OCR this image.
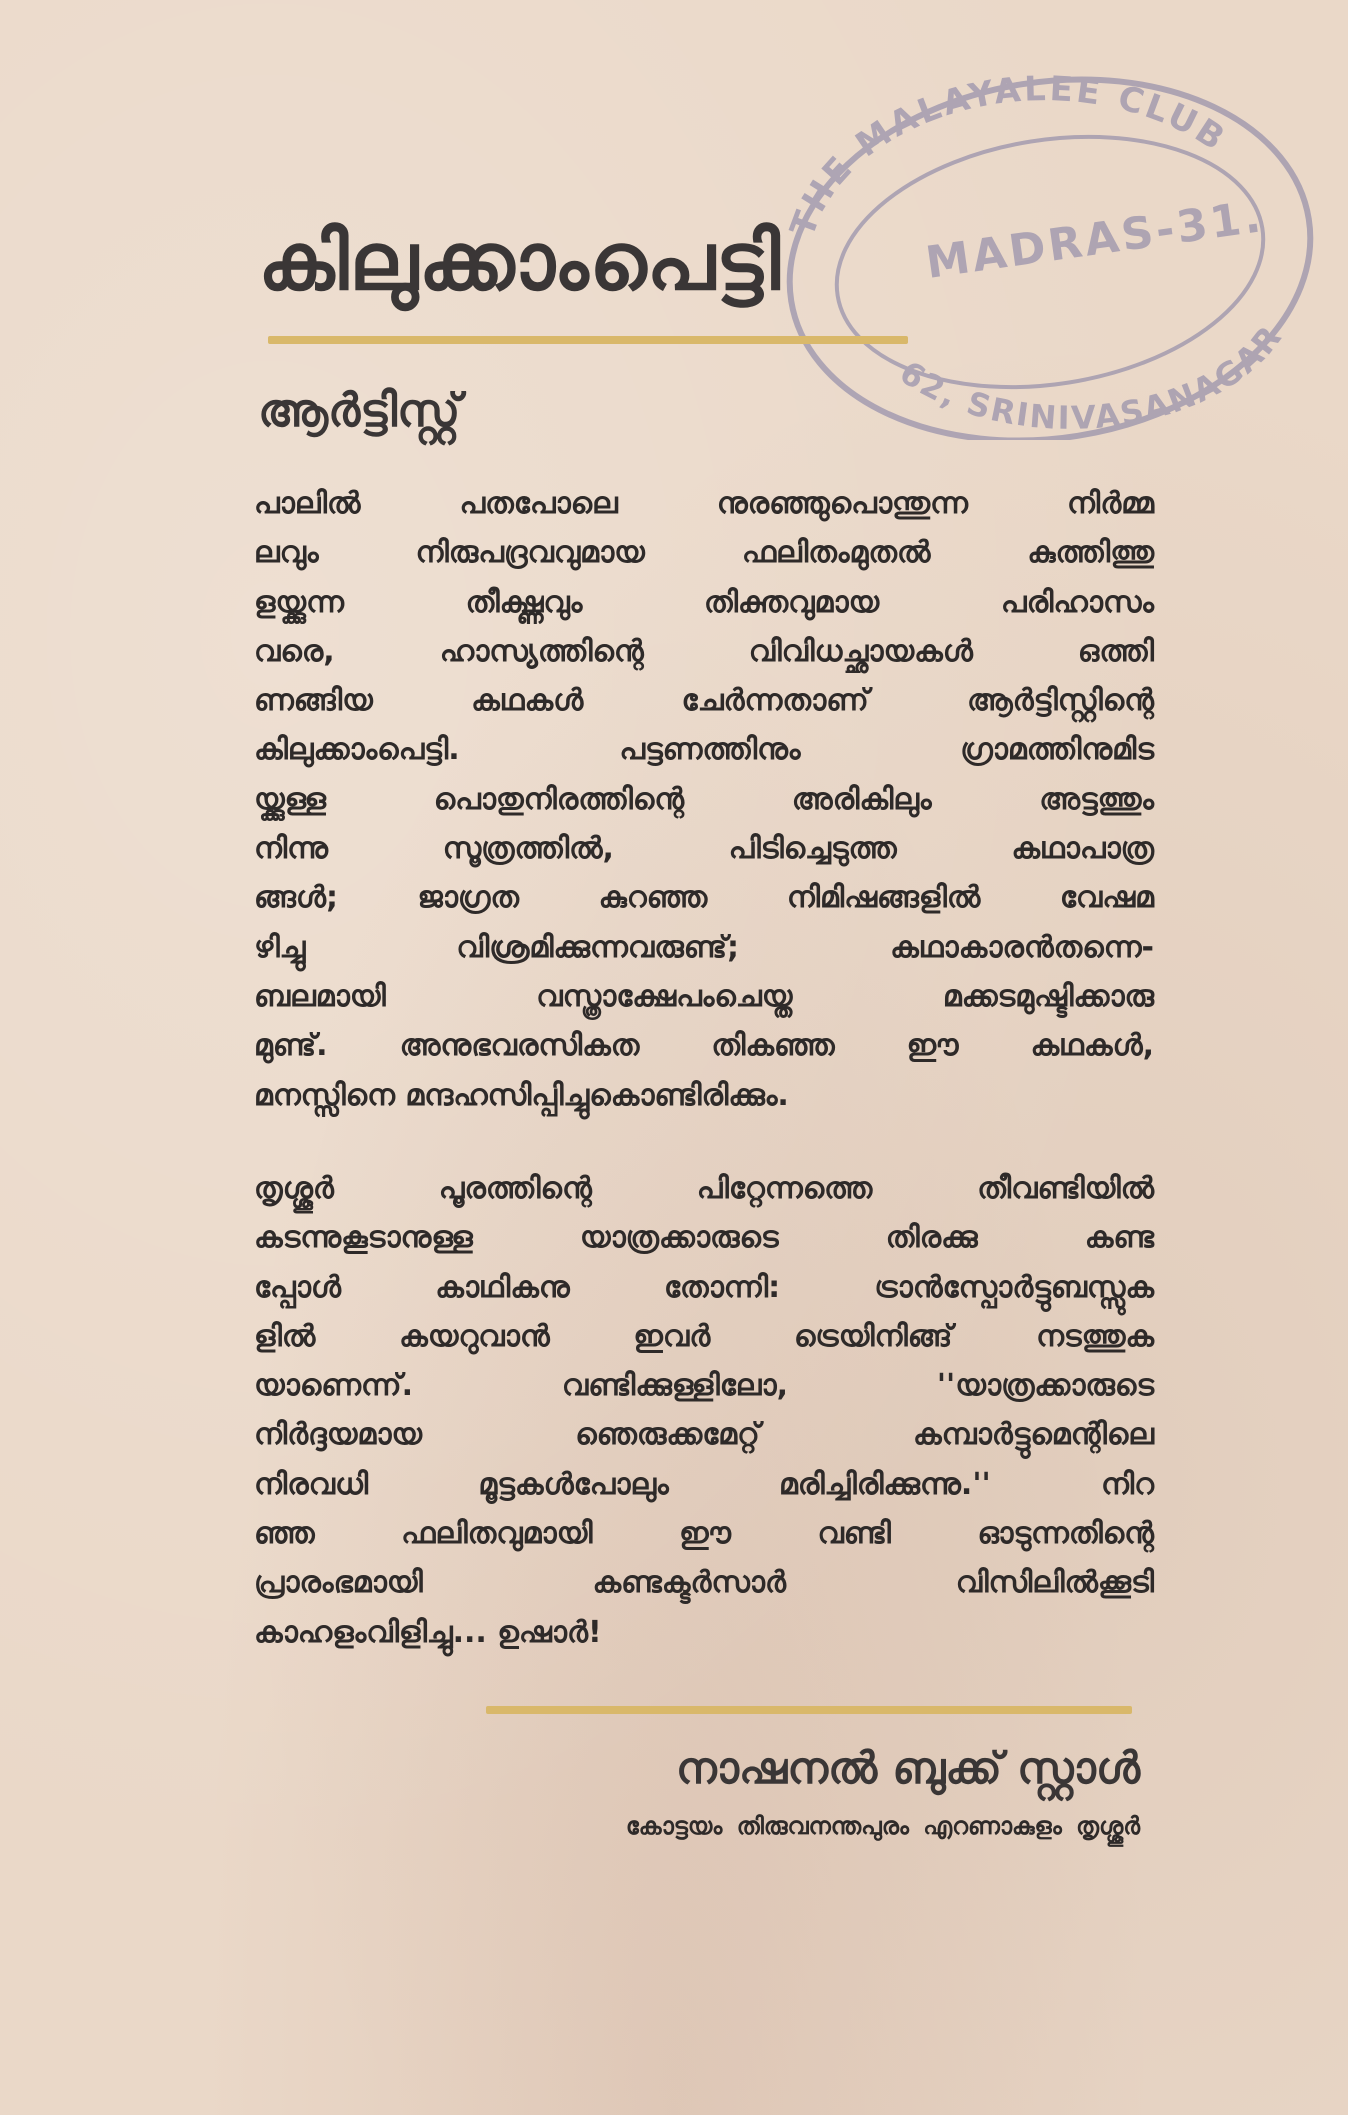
THE MALAYALEE CLUB
MADRAS-31.
62, SRINIVASANAGAR
കിലുക്കാംപെട്ടി
ആർട്ടിസ്റ്റ്
പാലിൽ പതപോലെ നുരഞ്ഞുപൊന്തുന്ന നിർമ്മ
ലവും നിരുപദ്രവവുമായ ഫലിതംമുതൽ കുത്തിത്തു
ളയ്ക്കുന്ന തീക്ഷ്ണവും തിക്തവുമായ പരിഹാസം
വരെ, ഹാസ്യത്തിന്റെ വിവിധച്ഛായകൾ ഒത്തി
ണങ്ങിയ കഥകൾ ചേർന്നതാണ് ആർട്ടിസ്റ്റിന്റെ
കിലുക്കാംപെട്ടി. പട്ടണത്തിനും ഗ്രാമത്തിനുമിട
യ്ക്കുള്ള പൊതുനിരത്തിന്റെ അരികിലും അട്ടത്തും
നിന്നു സൂത്രത്തിൽ, പിടിച്ചെടുത്ത കഥാപാത്ര
ങ്ങൾ; ജാഗ്രത കുറഞ്ഞ നിമിഷങ്ങളിൽ വേഷമ
ഴിച്ചു വിശ്രമിക്കുന്നവരുണ്ട്; കഥാകാരൻതന്നെ-
ബലമായി വസ്ത്രാക്ഷേപംചെയ്ത മക്കടമുഷ്ടിക്കാരു
മുണ്ട്. അനുഭവരസികത തികഞ്ഞ ഈ കഥകൾ,
മനസ്സിനെ മന്ദഹസിപ്പിച്ചുകൊണ്ടിരിക്കും.
തൃശ്ശൂർ പൂരത്തിന്റെ പിറ്റേന്നത്തെ തീവണ്ടിയിൽ
കടന്നുകൂടാനുള്ള യാത്രക്കാരുടെ തിരക്കു കണ്ട
പ്പോൾ കാഥികനു തോന്നി: ട്രാൻസ്പോർട്ടുബസ്സുക
ളിൽ കയറുവാൻ ഇവർ ട്രെയിനിങ്ങ് നടത്തുക
യാണെന്ന്. വണ്ടിക്കുള്ളിലോ, ''യാത്രക്കാരുടെ
നിർദ്ദയമായ ഞെരുക്കമേറ്റ് കമ്പാർട്ടുമെന്റിലെ
നിരവധി മൂട്ടകൾപോലും മരിച്ചിരിക്കുന്നു.'' നിറ
ഞ്ഞ ഫലിതവുമായി ഈ വണ്ടി ഓടുന്നതിന്റെ
പ്രാരംഭമായി കണ്ടക്ടർസാർ വിസിലിൽക്കൂടി
കാഹളംവിളിച്ചു... ഉഷാർ!
നാഷനൽ ബുക്ക് സ്റ്റാൾ

കോട്ടയം തിരുവനന്തപുരം എറണാകുളം തൃശ്ശൂർ
